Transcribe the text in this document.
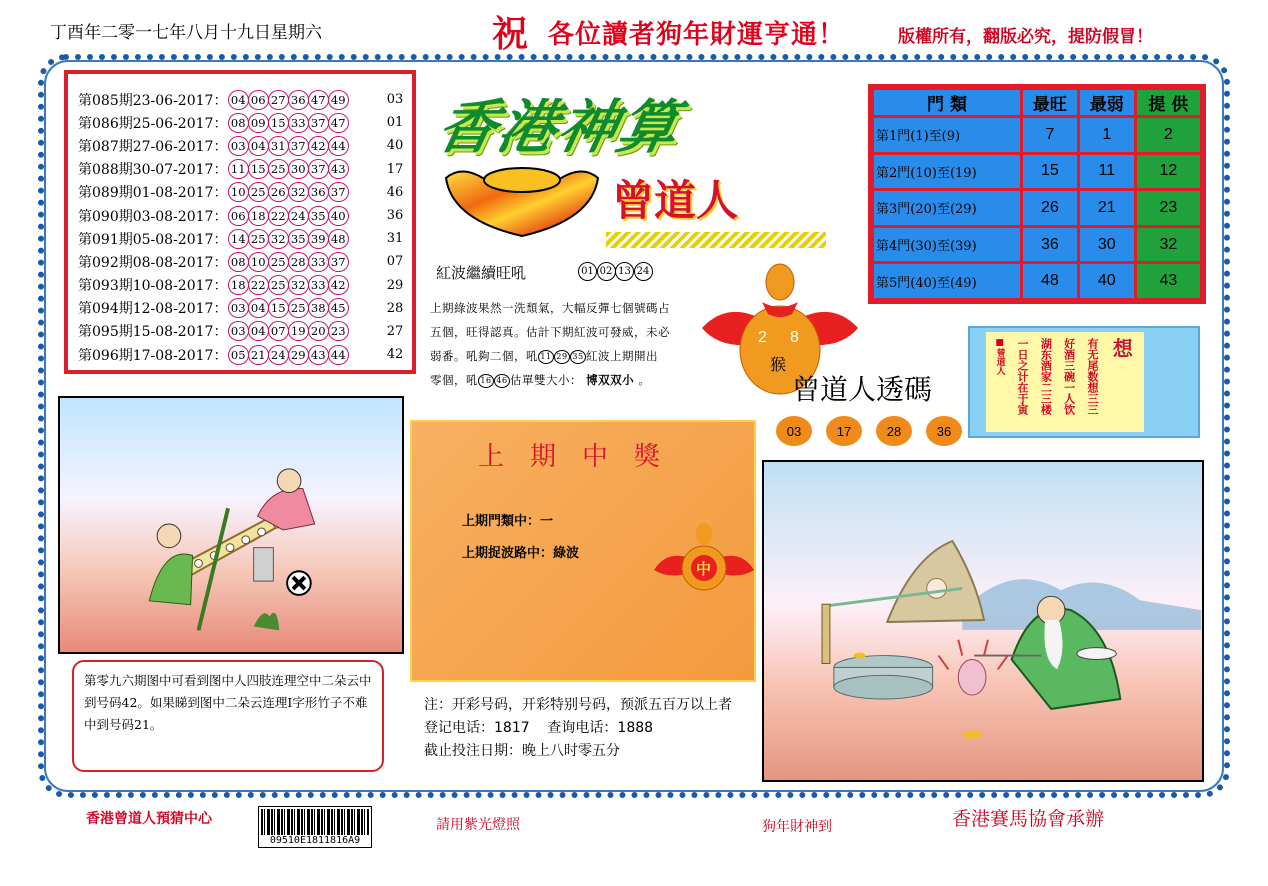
丁酉年二零一七年八月十九日星期六	祝 各位讀者狗年財運亨通！	版權所有，翻版必究，提防假冒！
第085期23-06-2017： 04 06 27 36 47 49	03
第086期25-06-2017： 08 09 15 33 37 47	01
第087期27-06-2017： 03 04 31 37 42 44	40
第088期30-07-2017： 11 15 25 30 37 43	17
第089期01-08-2017： 10 25 26 32 36 37	46
第090期03-08-2017： 06 18 22 24 35 40	36
第091期05-08-2017： 14 25 32 35 39 48	31
第092期08-08-2017： 08 10 25 28 33 37	07
第093期10-08-2017： 18 22 25 32 33 42	29
第094期12-08-2017： 03 04 15 25 38 45	28
第095期15-08-2017： 03 04 07 19 20 23	27
第096期17-08-2017： 05 21 24 29 43 44	42
香港神算
曾道人
紅波繼續旺吼	01 02 13 24
上期綠波果然一洗頹氣，大幅反彈七個號碼占
五個，旺得認真。估計下期紅波可發威，未必
弱番。吼夠二個，吼 11 29 35 紅波上期開出
零個，吼 16 46 估單雙大小： 博双双小 。
門 類	最旺	最弱	提 供
第1門(1)至(9)	7	1	2
第2門(10)至(19)	15	11	12
第3門(20)至(29)	26	21	23
第4門(30)至(39)	36	30	32
第5門(40)至(49)	48	40	43
2 8
猴
曾道人透碼
03	17	28	36
想
有无尾数想三三
好酒三碗一人饮
湖东酒家二三楼
一日之计在于寅
■曾道人
上期中獎
上期門類中：一
上期捉波路中：綠波
中
第零九六期图中可看到图中人四肢连理空中二朵云中到号码42。如果睇到图中二朵云连理I字形竹子不难中到号码21。
注：开彩号码，开彩特别号码，预派五百万以上者
登记电话：1817    查询电话：1888
截止投注日期：晚上八时零五分
香港曾道人預猜中心
09510E1811816A9
請用紫光燈照	狗年財神到	香港賽馬協會承辦
